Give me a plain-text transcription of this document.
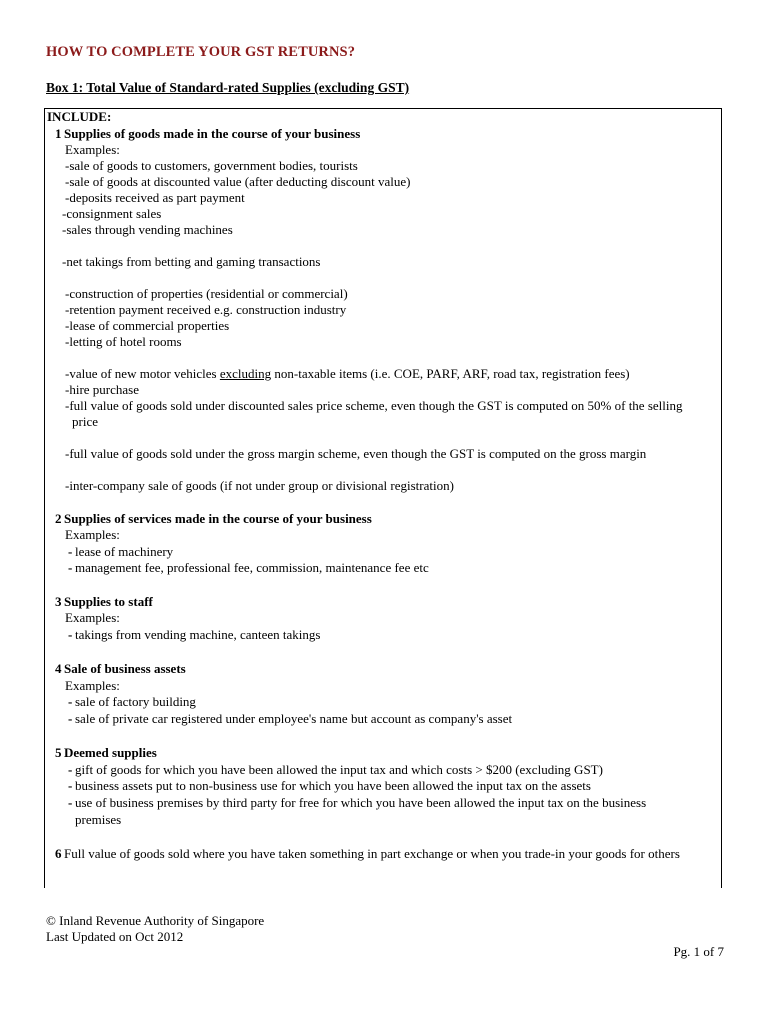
HOW TO COMPLETE YOUR GST RETURNS?
Box 1: Total Value of Standard-rated Supplies (excluding GST)
INCLUDE:
1 Supplies of goods made in the course of your business
Examples:
-sale of goods to customers, government bodies, tourists
-sale of goods at discounted value (after deducting discount value)
-deposits received as part payment
-consignment sales
-sales through vending machines
-net takings from betting and gaming transactions
-construction of properties (residential or commercial)
-retention payment received e.g. construction industry
-lease of commercial properties
-letting of hotel rooms
-value of new motor vehicles excluding non-taxable items (i.e. COE, PARF, ARF, road tax, registration fees)
-hire purchase
-full value of goods sold under discounted sales price scheme, even though the GST is computed on 50% of the selling
price
-full value of goods sold under the gross margin scheme, even though the GST is computed on the gross margin
-inter-company sale of goods (if not under group or divisional registration)
2 Supplies of services made in the course of your business
Examples:
- lease of machinery
- management fee, professional fee, commission, maintenance fee etc
3 Supplies to staff
Examples:
- takings from vending machine, canteen takings
4 Sale of business assets
Examples:
- sale of factory building
- sale of private car registered under employee's name but account as company's asset
5 Deemed supplies
- gift of goods for which you have been allowed the input tax and which costs > $200 (excluding GST)
- business assets put to non-business use for which you have been allowed the input tax on the assets
- use of business premises by third party for free for which you have been allowed the input tax on the business
premises
6 Full value of goods sold where you have taken something in part exchange or when you trade-in your goods for others
© Inland Revenue Authority of Singapore
Last Updated on Oct 2012
Pg. 1 of 7
